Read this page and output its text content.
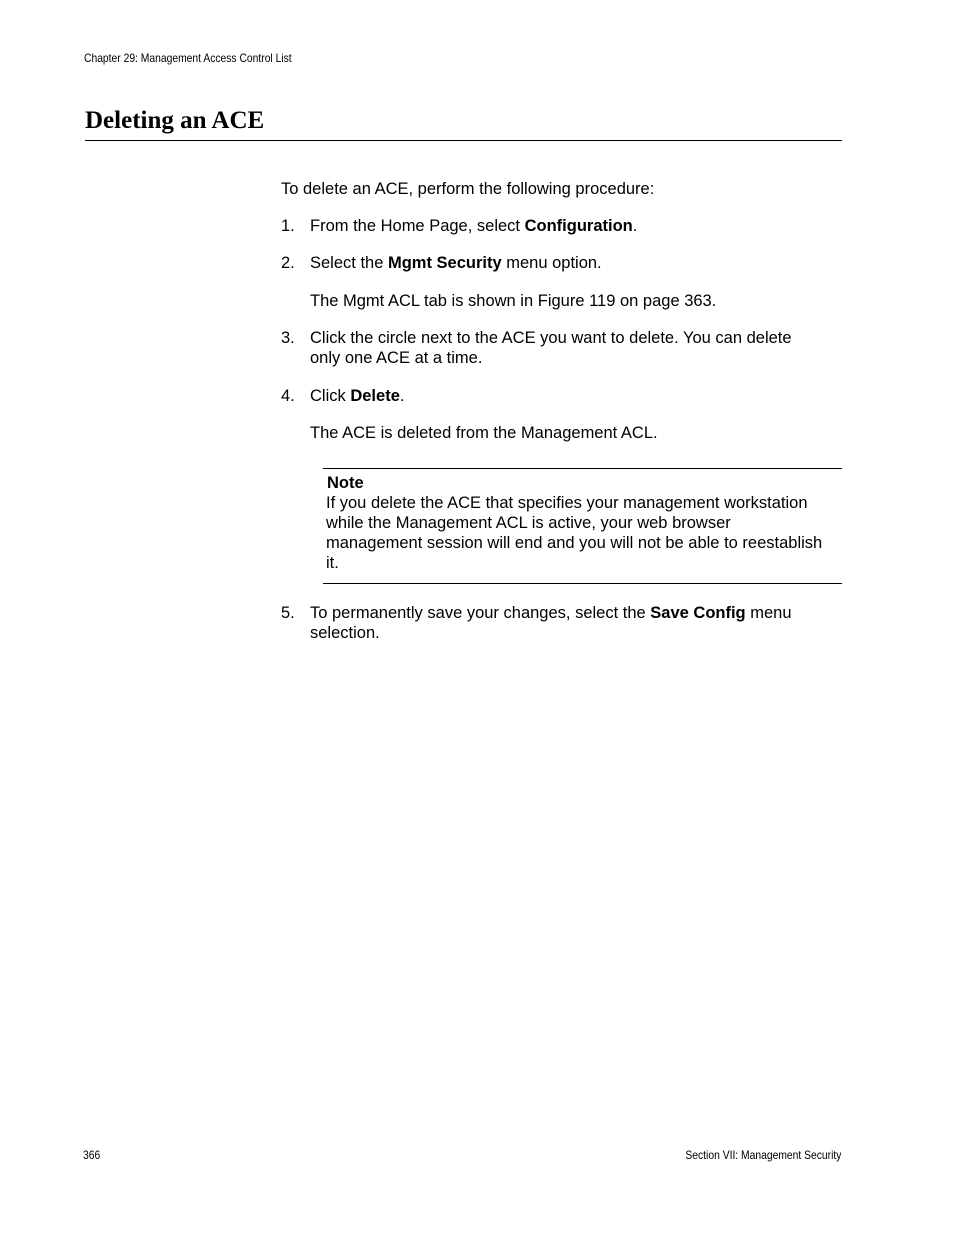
Chapter 29: Management Access Control List
Deleting an ACE
To delete an ACE, perform the following procedure:
1. From the Home Page, select Configuration.
2. Select the Mgmt Security menu option.
The Mgmt ACL tab is shown in Figure 119 on page 363.
3. Click the circle next to the ACE you want to delete. You can delete
only one ACE at a time.
4. Click Delete.
The ACE is deleted from the Management ACL.
Note
If you delete the ACE that specifies your management workstation
while the Management ACL is active, your web browser
management session will end and you will not be able to reestablish
it.
5. To permanently save your changes, select the Save Config menu
selection.
366	Section VII: Management Security
